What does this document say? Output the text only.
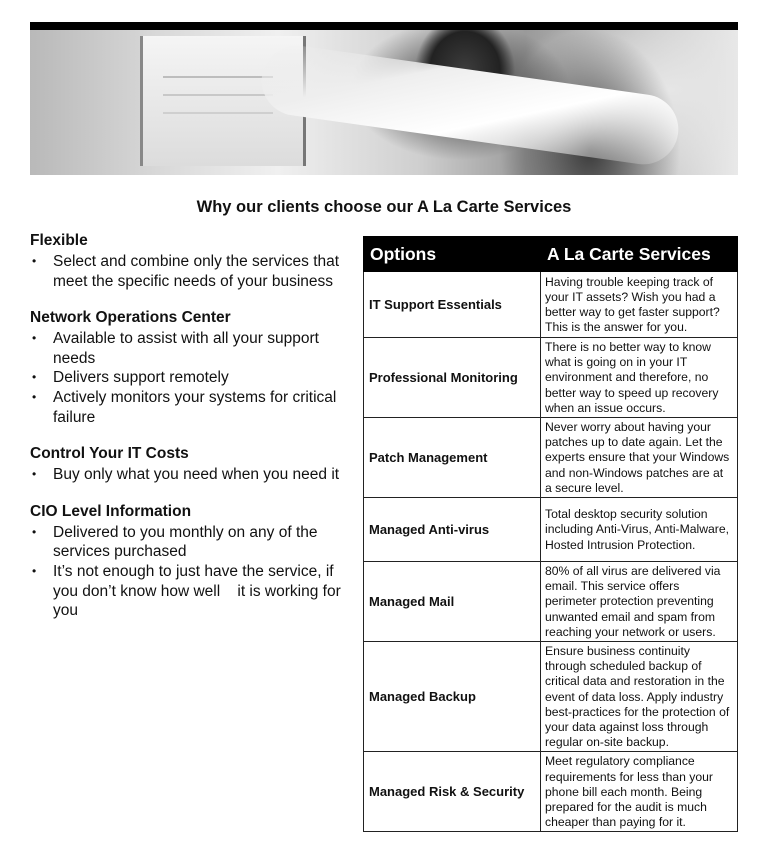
Why our clients choose our A La Carte Services
Flexible
• Select and combine only the services that meet the specific needs of your business
Network Operations Center
• Available to assist with all your support needs
• Delivers support remotely
• Actively monitors your systems for critical failure
Control Your IT Costs
• Buy only what you need when you need it
CIO Level Information
• Delivered to you monthly on any of the services purchased
• It’s not enough to just have the service, if you don’t know how well    it is working for you
Options	A La Carte Services
IT Support Essentials	Having trouble keeping track of your IT assets? Wish you had a better way to get faster support? This is the answer for you.
Professional Monitoring	There is no better way to know what is going on in your IT environment and therefore, no better way to speed up recovery when an issue occurs.
Patch Management	Never worry about having your patches up to date again. Let the experts ensure that your Windows and non-Windows patches are at a secure level.
Managed Anti-virus	Total desktop security solution including Anti-Virus, Anti-Malware, Hosted Intrusion Protection.
Managed Mail	80% of all virus are delivered via email. This service offers perimeter protection preventing unwanted email and spam from reaching your network or users.
Managed Backup	Ensure business continuity through scheduled backup of critical data and restoration in the event of data loss. Apply industry best-practices for the protection of your data against loss through regular on-site backup.
Managed Risk & Security	Meet regulatory compliance requirements for less than your phone bill each month. Being prepared for the audit is much cheaper than paying for it.
